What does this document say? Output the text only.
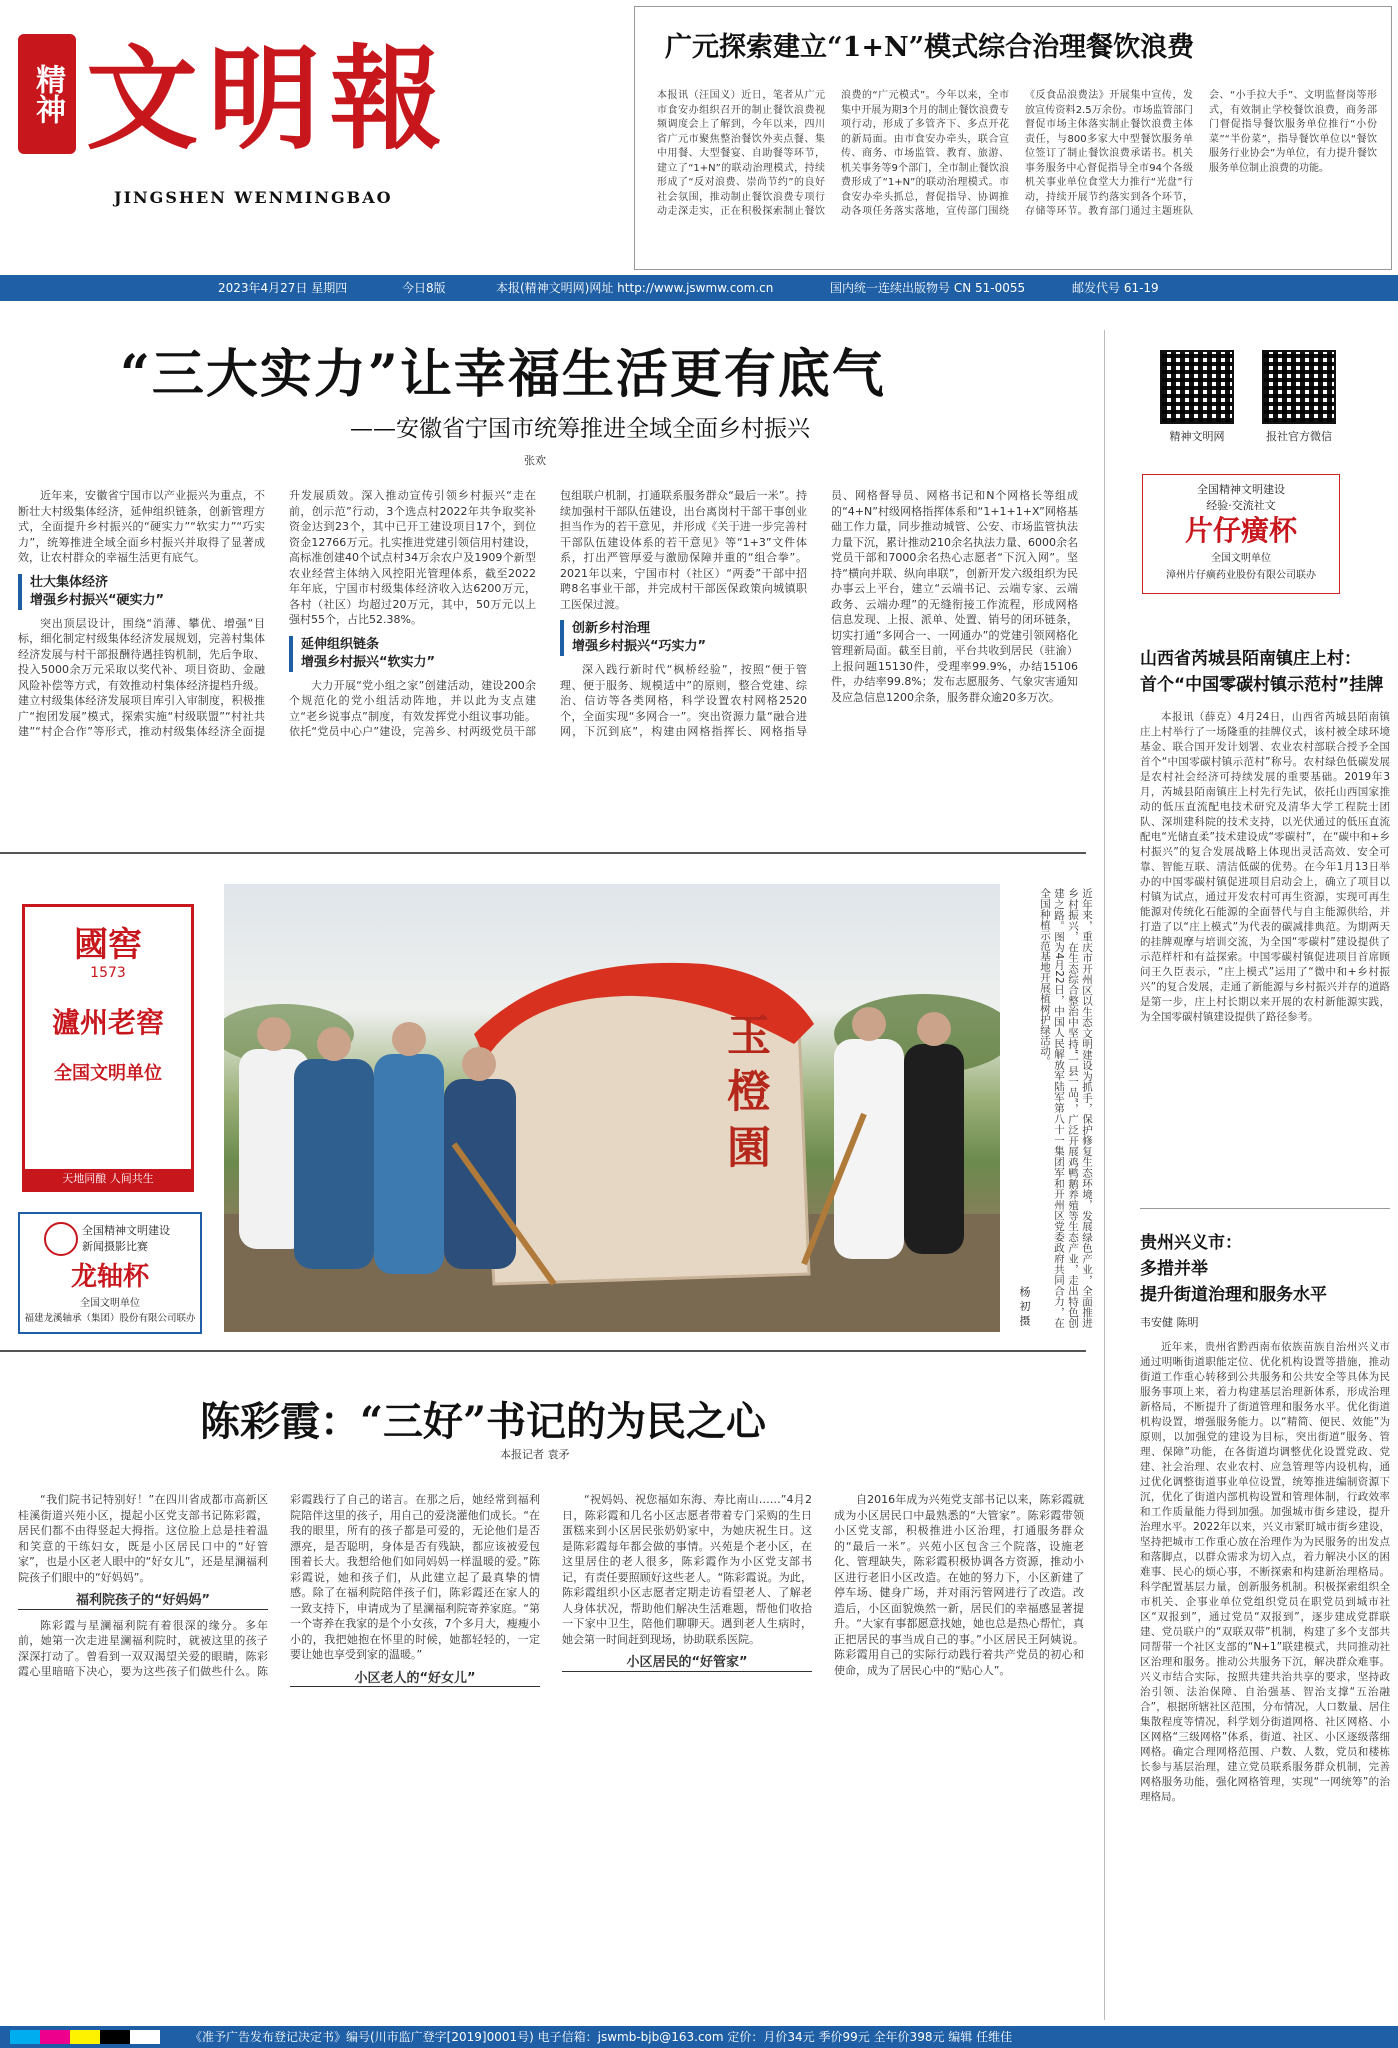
精神 文明報
JINGSHEN WENMINGBAO
广元探索建立“1+N”模式综合治理餐饮浪费
本报讯（汪国义）近日，笔者从广元市食安办组织召开的制止餐饮浪费视频调度会上了解到，今年以来，四川省广元市聚焦整治餐饮外卖点餐、集中用餐、大型餐宴、自助餐等环节，建立了“1+N”的联动治理模式，持续形成了“反对浪费、崇尚节约”的良好社会氛围，推动制止餐饮浪费专项行动走深走实，正在积极探索制止餐饮浪费的“广元模式”。今年以来，全市集中开展为期3个月的制止餐饮浪费专项行动，形成了多管齐下、多点开花的新局面。由市食安办牵头，联合宣传、商务、市场监管、教育、旅游、机关事务等9个部门，全市制止餐饮浪费形成了“1+N”的联动治理模式。市食安办牵头抓总，督促指导、协调推动各项任务落实落地，宣传部门围绕《反食品浪费法》开展集中宣传，发放宣传资料2.5万余份。市场监管部门督促市场主体落实制止餐饮浪费主体责任，与800多家大中型餐饮服务单位签订了制止餐饮浪费承诺书。机关事务服务中心督促指导全市94个各级机关事业单位食堂大力推行“光盘”行动，持续开展节约落实到各个环节，存储等环节。教育部门通过主题班队会、“小手拉大手”、文明监督岗等形式，有效制止学校餐饮浪费，商务部门督促指导餐饮服务单位推行“小份菜”“半份菜”，指导餐饮单位以“餐饮服务行业协会”为单位，有力提升餐饮服务单位制止浪费的功能。
2023年4月27日 星期四	今日8版	本报(精神文明网)网址 http://www.jswmw.com.cn	国内统一连续出版物号 CN 51-0055	邮发代号 61-19
“三大实力”让幸福生活更有底气
——安徽省宁国市统筹推进全域全面乡村振兴
张欢

近年来，安徽省宁国市以产业振兴为重点，不断壮大村级集体经济，延伸组织链条，创新管理方式，全面提升乡村振兴的“硬实力”“软实力”“巧实力”，统筹推进全域全面乡村振兴并取得了显著成效，让农村群众的幸福生活更有底气。

壮大集体经济
增强乡村振兴“硬实力”

突出顶层设计，围绕“消薄、攀优、增强”目标，细化制定村级集体经济发展规划，完善村集体经济发展与村干部报酬待遇挂钩机制，先后争取、投入5000余万元采取以奖代补、项目资助、金融风险补偿等方式，有效推动村集体经济提档升级。建立村级集体经济发展项目库引入审制度，积极推广“抱团发展”模式，探索实施“村级联盟”“村社共建”“村企合作”等形式，推动村级集体经济全面提升发展质效。深入推动宣传引领乡村振兴“走在前，创示范”行动，3个选点村2022年共争取奖补资金达到23个，其中已开工建设项目17个，到位资金12766万元。扎实推进党建引领信用村建设，高标准创建40个试点村34万余农户及1909个新型农业经营主体纳入风控阳光管理体系，截至2022年年底，宁国市村级集体经济收入达6200万元，各村（社区）均超过20万元，其中，50万元以上强村55个，占比52.38%。

延伸组织链条
增强乡村振兴“软实力”

大力开展“党小组之家”创建活动，建设200余个规范化的党小组活动阵地，并以此为支点建立“老乡说事点”制度，有效发挥党小组议事功能。依托“党员中心户”建设，完善乡、村两级党员干部包组联户机制，打通联系服务群众“最后一米”。持续加强村干部队伍建设，出台离岗村干部干事创业担当作为的若干意见，并形成《关于进一步完善村干部队伍建设体系的若干意见》等“1+3”文件体系，打出严管厚爱与激励保障并重的“组合拳”。2021年以来，宁国市村（社区）“两委”干部中招聘8名事业干部，并完成村干部医保政策向城镇职工医保过渡。

创新乡村治理
增强乡村振兴“巧实力”

深入践行新时代“枫桥经验”，按照“便于管理、便于服务、规模适中”的原则，整合党建、综治、信访等各类网格，科学设置农村网格2520个，全面实现“多网合一”。突出资源力量“融合进网，下沉到底”，构建由网格指挥长、网格指导员、网格督导员、网格书记和N个网格长等组成的“4+N”村级网格指挥体系和“1+1+1+X”网格基础工作力量，同步推动城管、公安、市场监管执法力量下沉，累计推动210余名执法力量、6000余名党员干部和7000余名热心志愿者“下沉入网”。坚持“横向并联、纵向串联”，创新开发六级组织为民办事云上平台，建立“云端书记、云端专家、云端政务、云端办理”的无缝衔接工作流程，形成网格信息发现、上报、派单、处置、销号的闭环链条，切实打通“多网合一、一网通办”的党建引领网格化管理新局面。截至目前，平台共收到居民（驻渝）上报问题15130件，受理率99.9%，办结15106件，办结率99.8%；发布志愿服务、气象灾害通知及应急信息1200余条，服务群众逾20多万次。

精神文明网	报社官方微信
全国精神文明建设
经验·交流社文
片仔癀杯
全国文明单位
漳州片仔癀药业股份有限公司联办
山西省芮城县陌南镇庄上村：
首个“中国零碳村镇示范村”挂牌
本报讯（薛克）4月24日，山西省芮城县陌南镇庄上村举行了一场隆重的挂牌仪式，该村被全球环境基金、联合国开发计划署、农业农村部联合授予全国首个“中国零碳村镇示范村”称号。农村绿色低碳发展是农村社会经济可持续发展的重要基础。2019年3月，芮城县陌南镇庄上村先行先试，依托山西国家推动的低压直流配电技术研究及清华大学工程院士团队、深圳建科院的技术支持，以光伏通过的低压直流配电“光储直柔”技术建设成“零碳村”，在“碳中和+乡村振兴”的复合发展战略上体现出灵活高效、安全可靠、智能互联、清洁低碳的优势。在今年1月13日举办的中国零碳村镇促进项目启动会上，确立了项目以村镇为试点，通过开发农村可再生资源，实现可再生能源对传统化石能源的全面替代与自主能源供给，并打造了以“庄上模式”为代表的碳减排典范。为期两天的挂牌观摩与培训交流，为全国“零碳村”建设提供了示范样杆和有益探索。中国零碳村镇促进项目首席顾问王久臣表示，“庄上模式”运用了“微中和+乡村振兴”的复合发展，走通了新能源与乡村振兴并存的道路是第一步，庄上村长期以来开展的农村新能源实践，为全国零碳村镇建设提供了路径参考。
贵州兴义市：
多措并举
提升街道治理和服务水平
韦安健 陈明
近年来，贵州省黔西南布依族苗族自治州兴义市通过明晰街道职能定位、优化机构设置等措施，推动街道工作重心转移到公共服务和公共安全等具体为民服务事项上来，着力构建基层治理新体系，形成治理新格局，不断提升了街道管理和服务水平。优化街道机构设置，增强服务能力。以“精简、便民、效能”为原则，以加强党的建设为目标，突出街道“服务、管理、保障”功能，在各街道均调整优化设置党政、党建、社会治理、农业农村、应急管理等内设机构，通过优化调整街道事业单位设置，统筹推进编制资源下沉，优化了街道内部机构设置和管理体制，行政效率和工作质量能力得到加强。加强城市街乡建设，提升治理水平。2022年以来，兴义市紧盯城市街乡建设，坚持把城市工作重心放在治理作为为民服务的出发点和落脚点，以群众需求为切入点，着力解决小区的困难事、民心的烦心事，不断探索和构建新治理格局。科学配置基层力量，创新服务机制。积极探索组织全市机关、企事业单位党组织党员在职党员到城市社区“双报到”，通过党员“双报到”，逐步建成党群联建、党员联户的“双联双带”机制，构建了多个支部共同帮带一个社区支部的“N+1”联建模式，共同推动社区治理和服务。推动公共服务下沉，解决群众难事。兴义市结合实际，按照共建共治共享的要求，坚持政治引领、法治保障、自治强基、智治支撑“五治融合”，根据所辖社区范围，分布情况，人口数量、居住集散程度等情况，科学划分街道网格、社区网格、小区网格“三级网格”体系，街道、社区、小区逐级落细网格。确定合理网格范围、户数、人数，党员和楼栋长参与基层治理，建立党员联系服务群众机制，完善网格服务功能，强化网格管理，实现“一网统筹”的治理格局。
國窖
1573
瀘州老窖
全国文明单位
天地同酿 人间共生
全国精神文明建设
新闻摄影比赛
龙轴杯
全国文明单位
福建龙溪轴承（集团）股份有限公司联办
玉橙園	近年来，重庆市开州区以生态文明建设为抓手，保护修复生态环境，发展绿色产业，全面推进乡村振兴，在生态综合整治中坚持“一县一品”，广泛开展鸡鸭鹅养殖等生态产业，走出特色创建之路。图为4月22日，中国人民解放军陆军第八十一集团军和开州区党委政府共同合力，在全国种植示范基地开展植树护绿活动。
杨 初 摄
陈彩霞：“三好”书记的为民之心
本报记者 袁矛

“我们院书记特别好！”在四川省成都市高新区桂溪街道兴苑小区，提起小区党支部书记陈彩霞，居民们都不由得竖起大拇指。这位脸上总是挂着温和笑意的干练妇女，既是小区居民口中的“好管家”，也是小区老人眼中的“好女儿”，还是星澜福利院孩子们眼中的“好妈妈”。

福利院孩子的“好妈妈”

陈彩霞与星澜福利院有着很深的缘分。多年前，她第一次走进星澜福利院时，就被这里的孩子深深打动了。曾看到一双双渴望关爱的眼睛，陈彩霞心里暗暗下决心，要为这些孩子们做些什么。陈彩霞践行了自己的诺言。在那之后，她经常到福利院陪伴这里的孩子，用自己的爱浇灌他们成长。“在我的眼里，所有的孩子都是可爱的，无论他们是否漂亮，是否聪明，身体是否有残缺，都应该被爱包围着长大。我想给他们如同妈妈一样温暖的爱。”陈彩霞说，她和孩子们，从此建立起了最真挚的情感。除了在福利院陪伴孩子们，陈彩霞还在家人的一致支持下，申请成为了星澜福利院寄养家庭。“第一个寄养在我家的是个小女孩，7个多月大，瘦瘦小小的，我把她抱在怀里的时候，她都轻轻的，一定要让她也享受到家的温暖。”

小区老人的“好女儿”

“祝妈妈、祝您福如东海、寿比南山……”4月2日，陈彩霞和几名小区志愿者带着专门采购的生日蛋糕来到小区居民张奶奶家中，为她庆祝生日。这是陈彩霞每年都会做的事情。兴苑是个老小区，在这里居住的老人很多，陈彩霞作为小区党支部书记，有责任要照顾好这些老人。“陈彩霞说。为此，陈彩霞组织小区志愿者定期走访看望老人、了解老人身体状况，帮助他们解决生活难题，帮他们收拾一下家中卫生，陪他们聊聊天。遇到老人生病时，她会第一时间赶到现场，协助联系医院。

小区居民的“好管家”

自2016年成为兴苑党支部书记以来，陈彩霞就成为小区居民口中最熟悉的“大管家”。陈彩霞带领小区党支部，积极推进小区治理，打通服务群众的“最后一米”。兴苑小区包含三个院落，设施老化、管理缺失，陈彩霞积极协调各方资源，推动小区进行老旧小区改造。在她的努力下，小区新建了停车场、健身广场，并对雨污管网进行了改造。改造后，小区面貌焕然一新，居民们的幸福感显著提升。“大家有事都愿意找她，她也总是热心帮忙，真正把居民的事当成自己的事。”小区居民王阿姨说。陈彩霞用自己的实际行动践行着共产党员的初心和使命，成为了居民心中的“贴心人”。

《准予广告发布登记决定书》编号(川市监广登字[2019]0001号) 电子信箱：jswmb-bjb@163.com 定价：月价34元 季价99元 全年价398元 编辑 任维佳
